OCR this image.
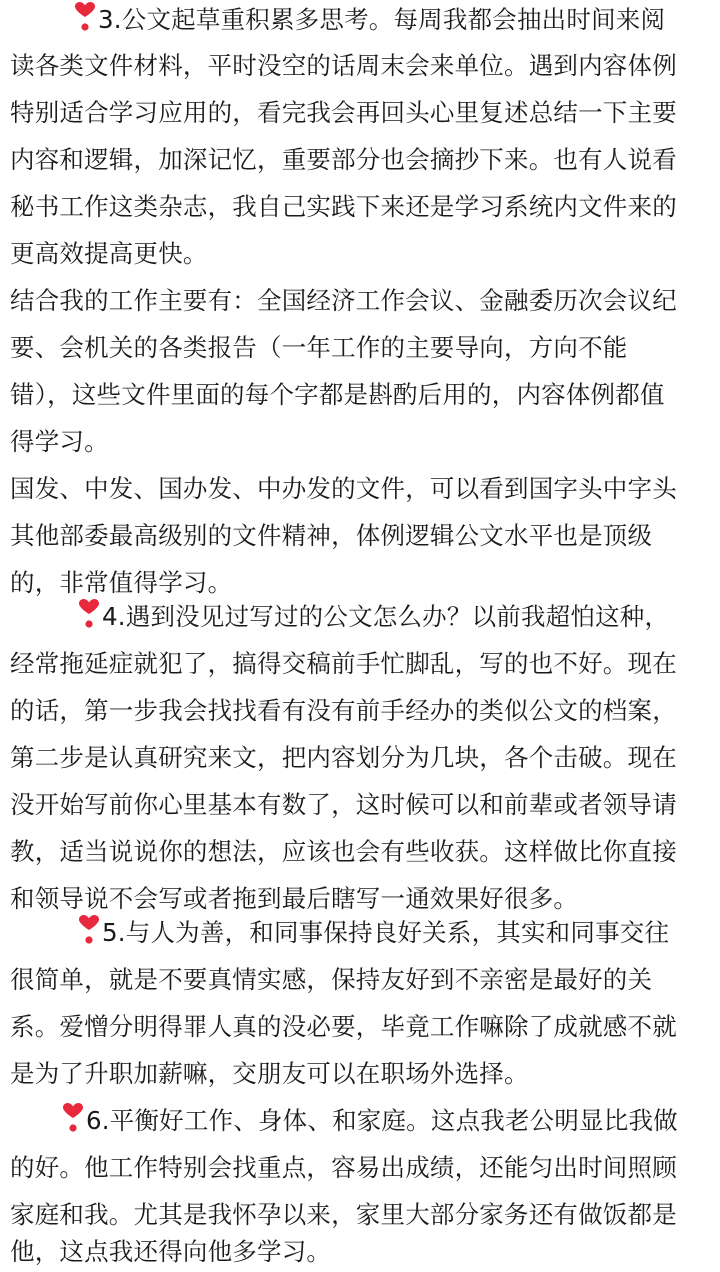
3.公文起草重积累多思考。每周我都会抽出时间来阅
读各类文件材料，平时没空的话周末会来单位。遇到内容体例
特别适合学习应用的，看完我会再回头心里复述总结一下主要
内容和逻辑，加深记忆，重要部分也会摘抄下来。也有人说看
秘书工作这类杂志，我自己实践下来还是学习系统内文件来的
更高效提高更快。
结合我的工作主要有：全国经济工作会议、金融委历次会议纪
要、会机关的各类报告（一年工作的主要导向，方向不能
错），这些文件里面的每个字都是斟酌后用的，内容体例都值
得学习。
国发、中发、国办发、中办发的文件，可以看到国字头中字头
其他部委最高级别的文件精神，体例逻辑公文水平也是顶级
的，非常值得学习。
4.遇到没见过写过的公文怎么办？以前我超怕这种，
经常拖延症就犯了，搞得交稿前手忙脚乱，写的也不好。现在
的话，第一步我会找找看有没有前手经办的类似公文的档案，
第二步是认真研究来文，把内容划分为几块，各个击破。现在
没开始写前你心里基本有数了，这时候可以和前辈或者领导请
教，适当说说你的想法，应该也会有些收获。这样做比你直接
和领导说不会写或者拖到最后瞎写一通效果好很多。
5.与人为善，和同事保持良好关系，其实和同事交往
很简单，就是不要真情实感，保持友好到不亲密是最好的关
系。爱憎分明得罪人真的没必要，毕竟工作嘛除了成就感不就
是为了升职加薪嘛，交朋友可以在职场外选择。
6.平衡好工作、身体、和家庭。这点我老公明显比我做
的好。他工作特别会找重点，容易出成绩，还能匀出时间照顾
家庭和我。尤其是我怀孕以来，家里大部分家务还有做饭都是
他，这点我还得向他多学习。
